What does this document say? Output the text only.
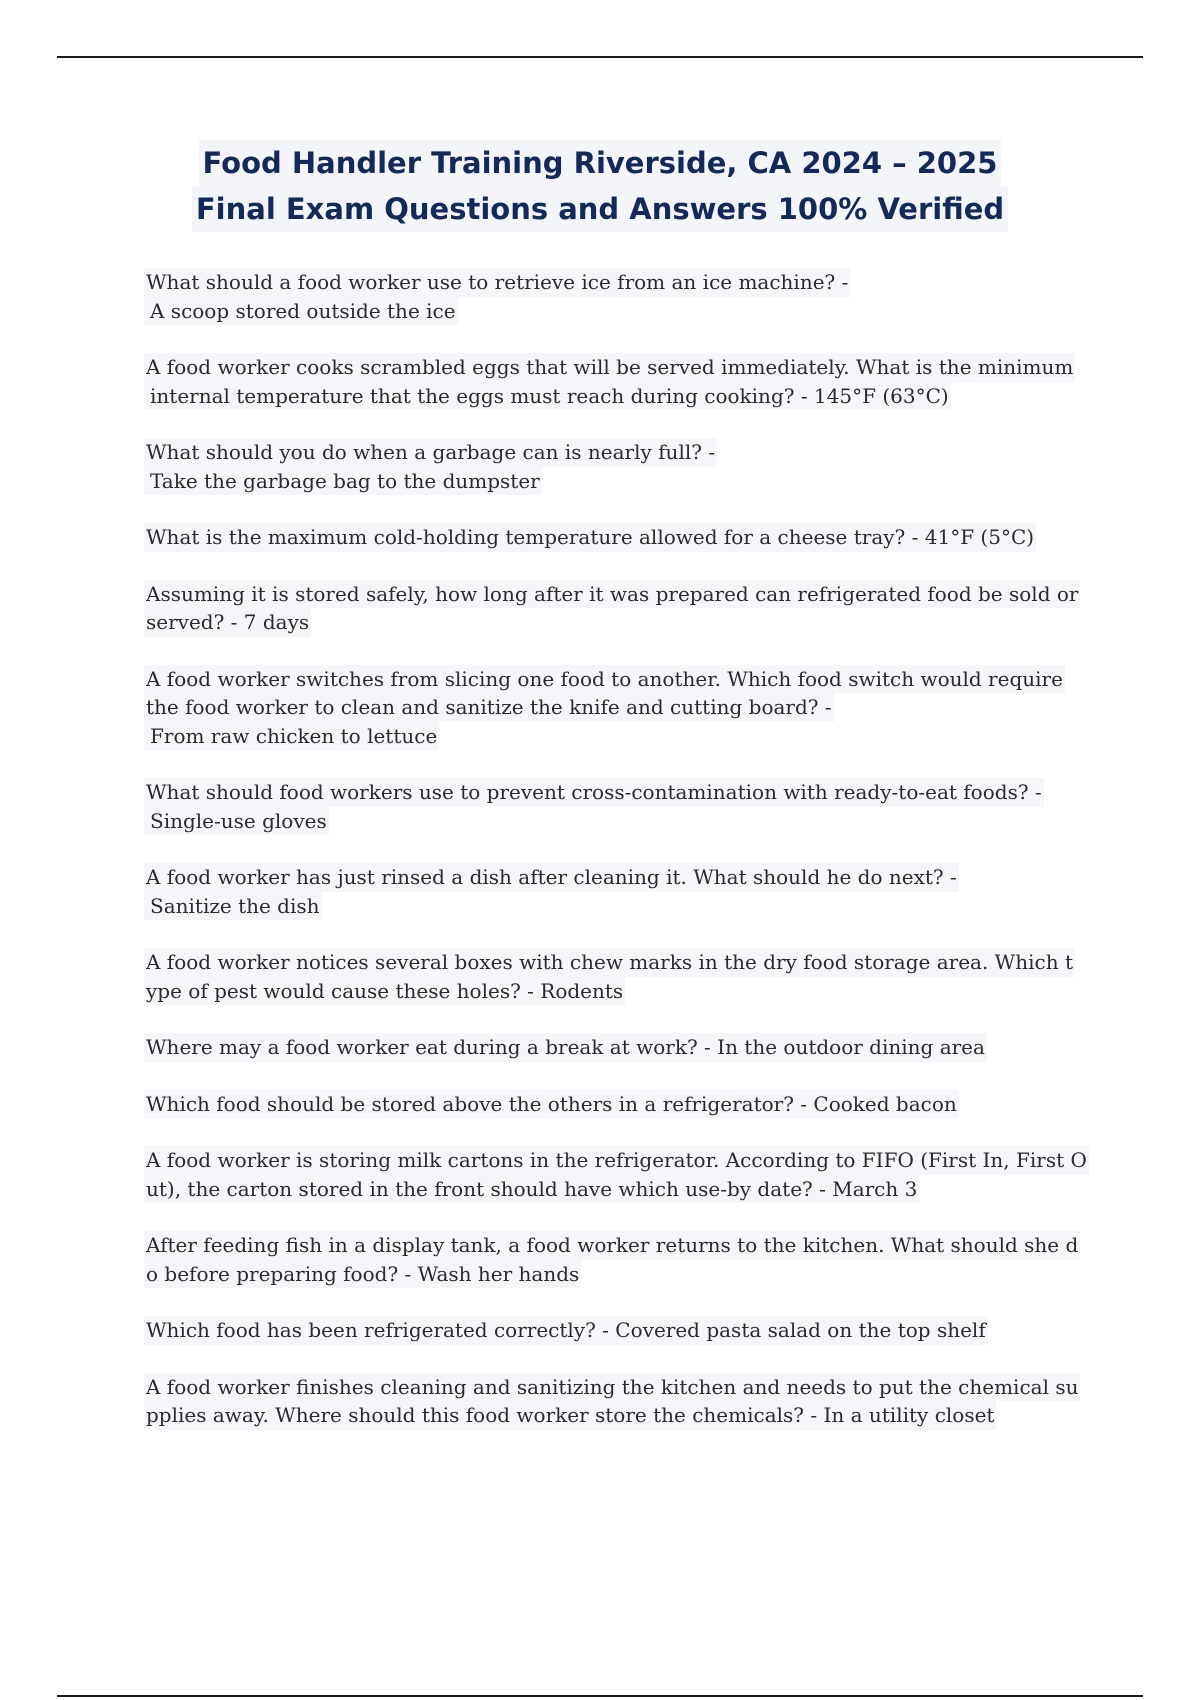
Food Handler Training Riverside, CA 2024 – 2025
Final Exam Questions and Answers 100% Verified
What should a food worker use to retrieve ice from an ice machine? -
A scoop stored outside the ice
A food worker cooks scrambled eggs that will be served immediately. What is the minimum
internal temperature that the eggs must reach during cooking? - 145°F (63°C)
What should you do when a garbage can is nearly full? -
Take the garbage bag to the dumpster
What is the maximum cold-holding temperature allowed for a cheese tray? - 41°F (5°C)
Assuming it is stored safely, how long after it was prepared can refrigerated food be sold or
served? - 7 days
A food worker switches from slicing one food to another. Which food switch would require
the food worker to clean and sanitize the knife and cutting board? -
From raw chicken to lettuce
What should food workers use to prevent cross-contamination with ready-to-eat foods? -
Single-use gloves
A food worker has just rinsed a dish after cleaning it. What should he do next? -
Sanitize the dish
A food worker notices several boxes with chew marks in the dry food storage area. Which t
ype of pest would cause these holes? - Rodents
Where may a food worker eat during a break at work? - In the outdoor dining area
Which food should be stored above the others in a refrigerator? - Cooked bacon
A food worker is storing milk cartons in the refrigerator. According to FIFO (First In, First O
ut), the carton stored in the front should have which use-by date? - March 3
After feeding fish in a display tank, a food worker returns to the kitchen. What should she d
o before preparing food? - Wash her hands
Which food has been refrigerated correctly? - Covered pasta salad on the top shelf
A food worker finishes cleaning and sanitizing the kitchen and needs to put the chemical su
pplies away. Where should this food worker store the chemicals? - In a utility closet
